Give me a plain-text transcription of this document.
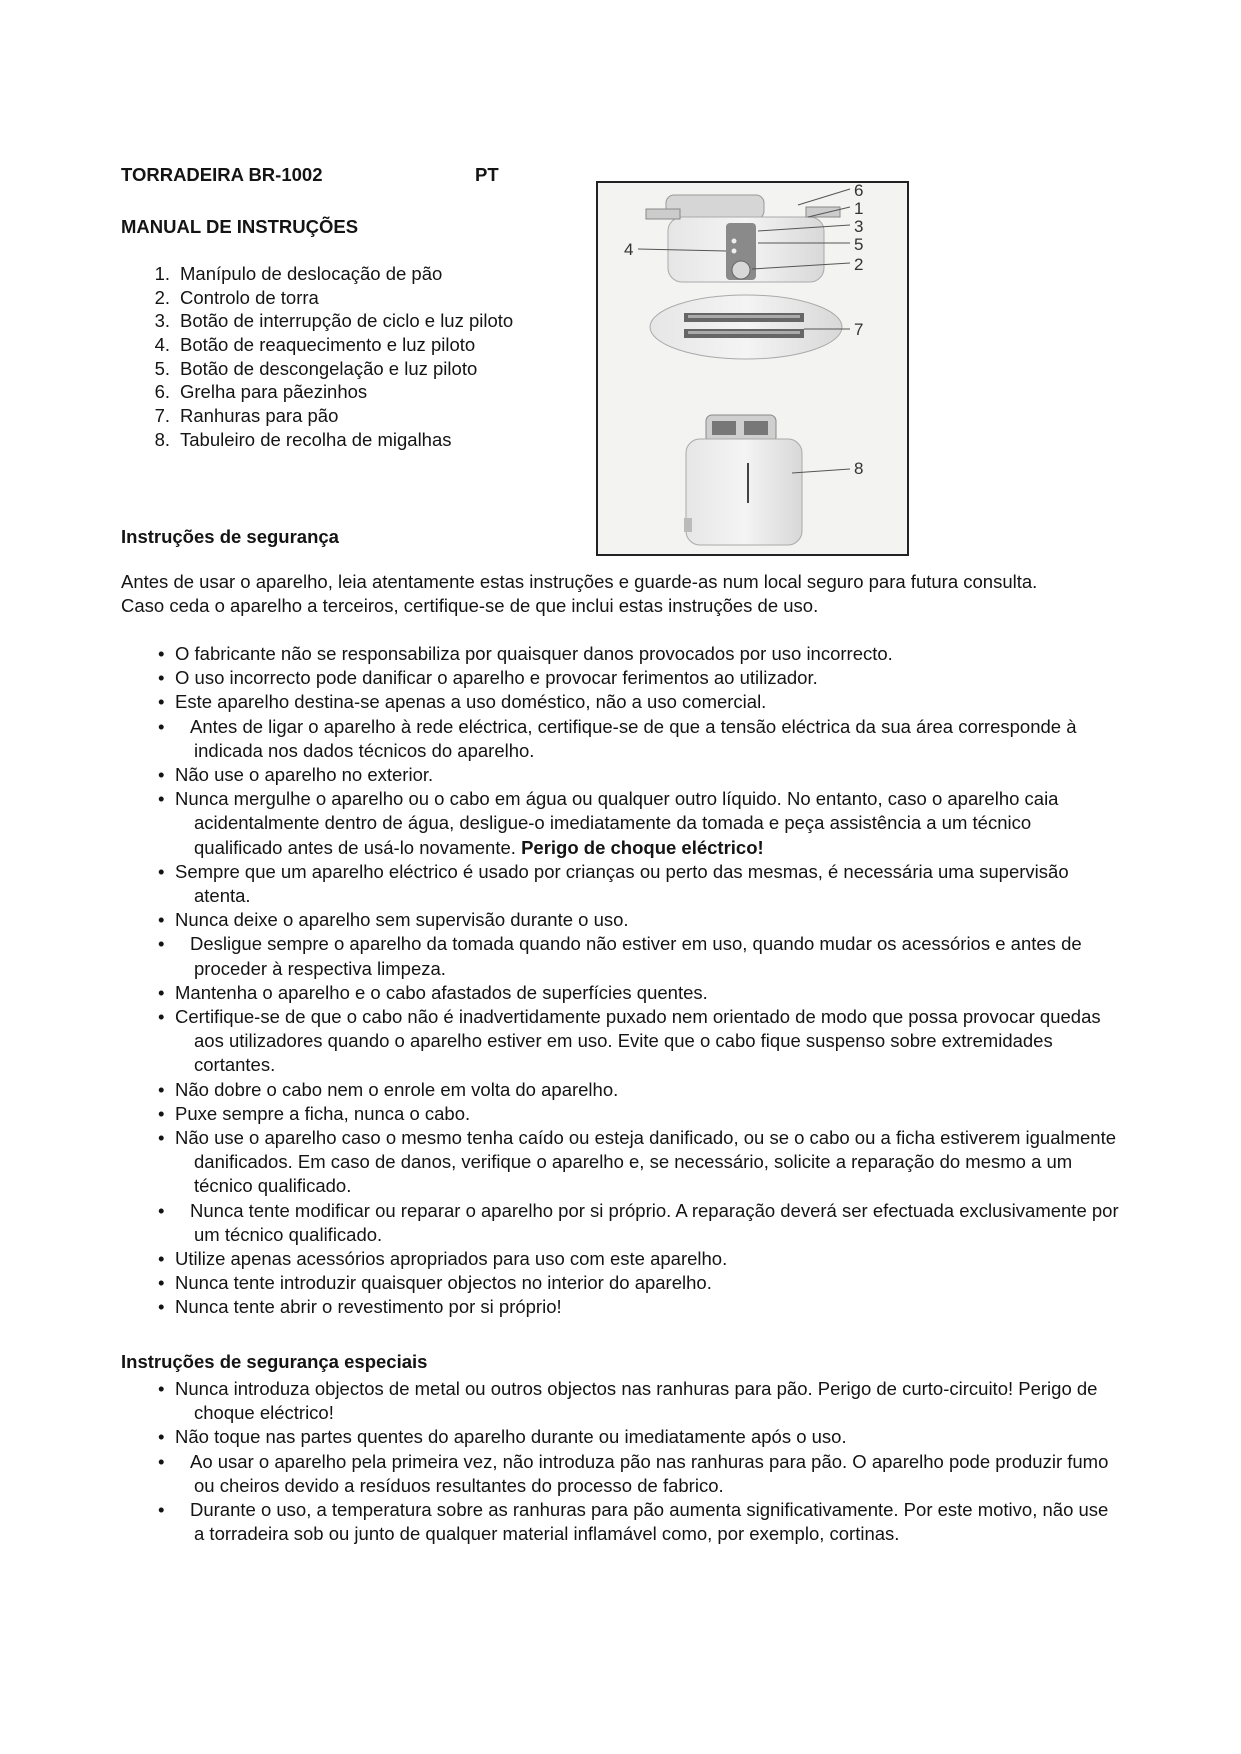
TORRADEIRA BR-1002	PT
MANUAL DE INSTRUÇÕES
1. Manípulo de deslocação de pão
2. Controlo de torra
3. Botão de interrupção de ciclo e luz piloto
4. Botão de reaquecimento e luz piloto
5. Botão de descongelação e luz piloto
6. Grelha para pãezinhos
7. Ranhuras para pão
8. Tabuleiro de recolha de migalhas
6
1
3
4	5
2
7
8
Instruções de segurança
Antes de usar o aparelho, leia atentamente estas instruções e guarde-as num local seguro para futura consulta. Caso ceda o aparelho a terceiros, certifique-se de que inclui estas instruções de uso.
• O fabricante não se responsabiliza por quaisquer danos provocados por uso incorrecto.
• O uso incorrecto pode danificar o aparelho e provocar ferimentos ao utilizador.
• Este aparelho destina-se apenas a uso doméstico, não a uso comercial.
• Antes de ligar o aparelho à rede eléctrica, certifique-se de que a tensão eléctrica da sua área corresponde à indicada nos dados técnicos do aparelho.
• Não use o aparelho no exterior.
• Nunca mergulhe o aparelho ou o cabo em água ou qualquer outro líquido. No entanto, caso o aparelho caia acidentalmente dentro de água, desligue-o imediatamente da tomada e peça assistência a um técnico qualificado antes de usá-lo novamente. Perigo de choque eléctrico!
• Sempre que um aparelho eléctrico é usado por crianças ou perto das mesmas, é necessária uma supervisão atenta.
• Nunca deixe o aparelho sem supervisão durante o uso.
• Desligue sempre o aparelho da tomada quando não estiver em uso, quando mudar os acessórios e antes de proceder à respectiva limpeza.
• Mantenha o aparelho e o cabo afastados de superfícies quentes.
• Certifique-se de que o cabo não é inadvertidamente puxado nem orientado de modo que possa provocar quedas aos utilizadores quando o aparelho estiver em uso. Evite que o cabo fique suspenso sobre extremidades cortantes.
• Não dobre o cabo nem o enrole em volta do aparelho.
• Puxe sempre a ficha, nunca o cabo.
• Não use o aparelho caso o mesmo tenha caído ou esteja danificado, ou se o cabo ou a ficha estiverem igualmente danificados. Em caso de danos, verifique o aparelho e, se necessário, solicite a reparação do mesmo a um técnico qualificado.
• Nunca tente modificar ou reparar o aparelho por si próprio. A reparação deverá ser efectuada exclusivamente por um técnico qualificado.
• Utilize apenas acessórios apropriados para uso com este aparelho.
• Nunca tente introduzir quaisquer objectos no interior do aparelho.
• Nunca tente abrir o revestimento por si próprio!
Instruções de segurança especiais
• Nunca introduza objectos de metal ou outros objectos nas ranhuras para pão. Perigo de curto-circuito! Perigo de choque eléctrico!
• Não toque nas partes quentes do aparelho durante ou imediatamente após o uso.
• Ao usar o aparelho pela primeira vez, não introduza pão nas ranhuras para pão. O aparelho pode produzir fumo ou cheiros devido a resíduos resultantes do processo de fabrico.
• Durante o uso, a temperatura sobre as ranhuras para pão aumenta significativamente. Por este motivo, não use a torradeira sob ou junto de qualquer material inflamável como, por exemplo, cortinas.
